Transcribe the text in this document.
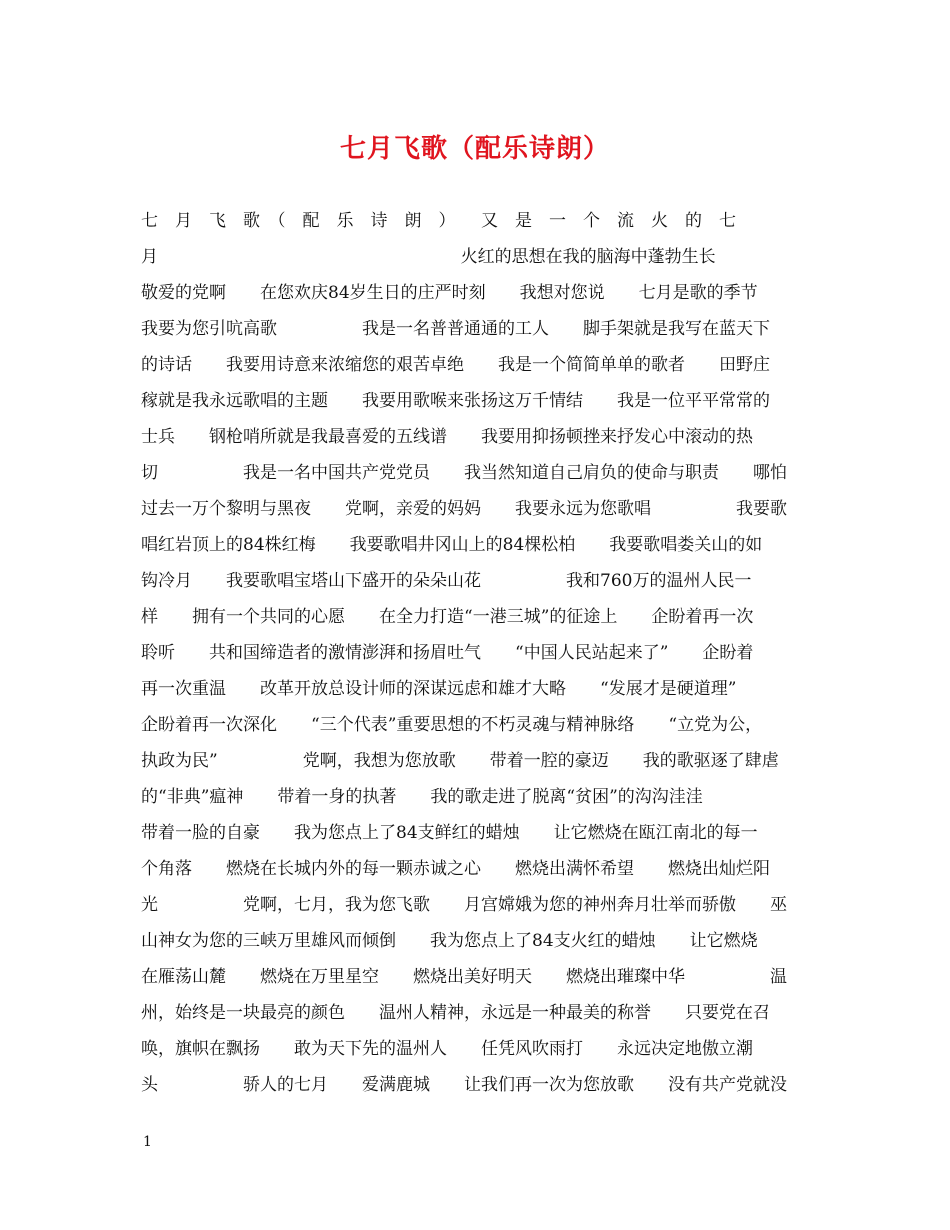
七月飞歌（配乐诗朗）
七　月　飞　歌　（　配　乐　诗　朗　）　　又　是　一　个　流　火　的　七
月                                                        火红的思想在我的脑海中蓬勃生长
敬爱的党啊　　在您欢庆84岁生日的庄严时刻　　我想对您说　　七月是歌的季节
我要为您引吭高歌　　　　　我是一名普普通通的工人　　脚手架就是我写在蓝天下
的诗话　　我要用诗意来浓缩您的艰苦卓绝　　我是一个简简单单的歌者　　田野庄
稼就是我永远歌唱的主题　　我要用歌喉来张扬这万千情结　　我是一位平平常常的
士兵　　钢枪哨所就是我最喜爱的五线谱　　我要用抑扬顿挫来抒发心中滚动的热
切　　　　　我是一名中国共产党党员　　我当然知道自己肩负的使命与职责　　哪怕
过去一万个黎明与黑夜　　党啊，亲爱的妈妈　　我要永远为您歌唱　　　　　我要歌
唱红岩顶上的84株红梅　　我要歌唱井冈山上的84棵松柏　　我要歌唱娄关山的如
钩冷月　　我要歌唱宝塔山下盛开的朵朵山花　　　　　我和760万的温州人民一
样　　拥有一个共同的心愿　　在全力打造“一港三城”的征途上　　企盼着再一次
聆听　　共和国缔造者的激情澎湃和扬眉吐气　　“中国人民站起来了”　　企盼着
再一次重温　　改革开放总设计师的深谋远虑和雄才大略　　“发展才是硬道理”
企盼着再一次深化　　“三个代表”重要思想的不朽灵魂与精神脉络　　“立党为公，
执政为民”　　　　　党啊，我想为您放歌　　带着一腔的豪迈　　我的歌驱逐了肆虐
的“非典”瘟神　　带着一身的执著　　我的歌走进了脱离“贫困”的沟沟洼洼
带着一脸的自豪　　我为您点上了84支鲜红的蜡烛　　让它燃烧在瓯江南北的每一
个角落　　燃烧在长城内外的每一颗赤诚之心　　燃烧出满怀希望　　燃烧出灿烂阳
光　　　　　党啊，七月，我为您飞歌　　月宫嫦娥为您的神州奔月壮举而骄傲　　巫
山神女为您的三峡万里雄风而倾倒　　我为您点上了84支火红的蜡烛　　让它燃烧
在雁荡山麓　　燃烧在万里星空　　燃烧出美好明天　　燃烧出璀璨中华　　　　　温
州，始终是一块最亮的颜色　　温州人精神，永远是一种最美的称誉　　只要党在召
唤，旗帜在飘扬　　敢为天下先的温州人　　任凭风吹雨打　　永远决定地傲立潮
头　　　　　骄人的七月　　爱满鹿城　　让我们再一次为您放歌　　没有共产党就没
1
